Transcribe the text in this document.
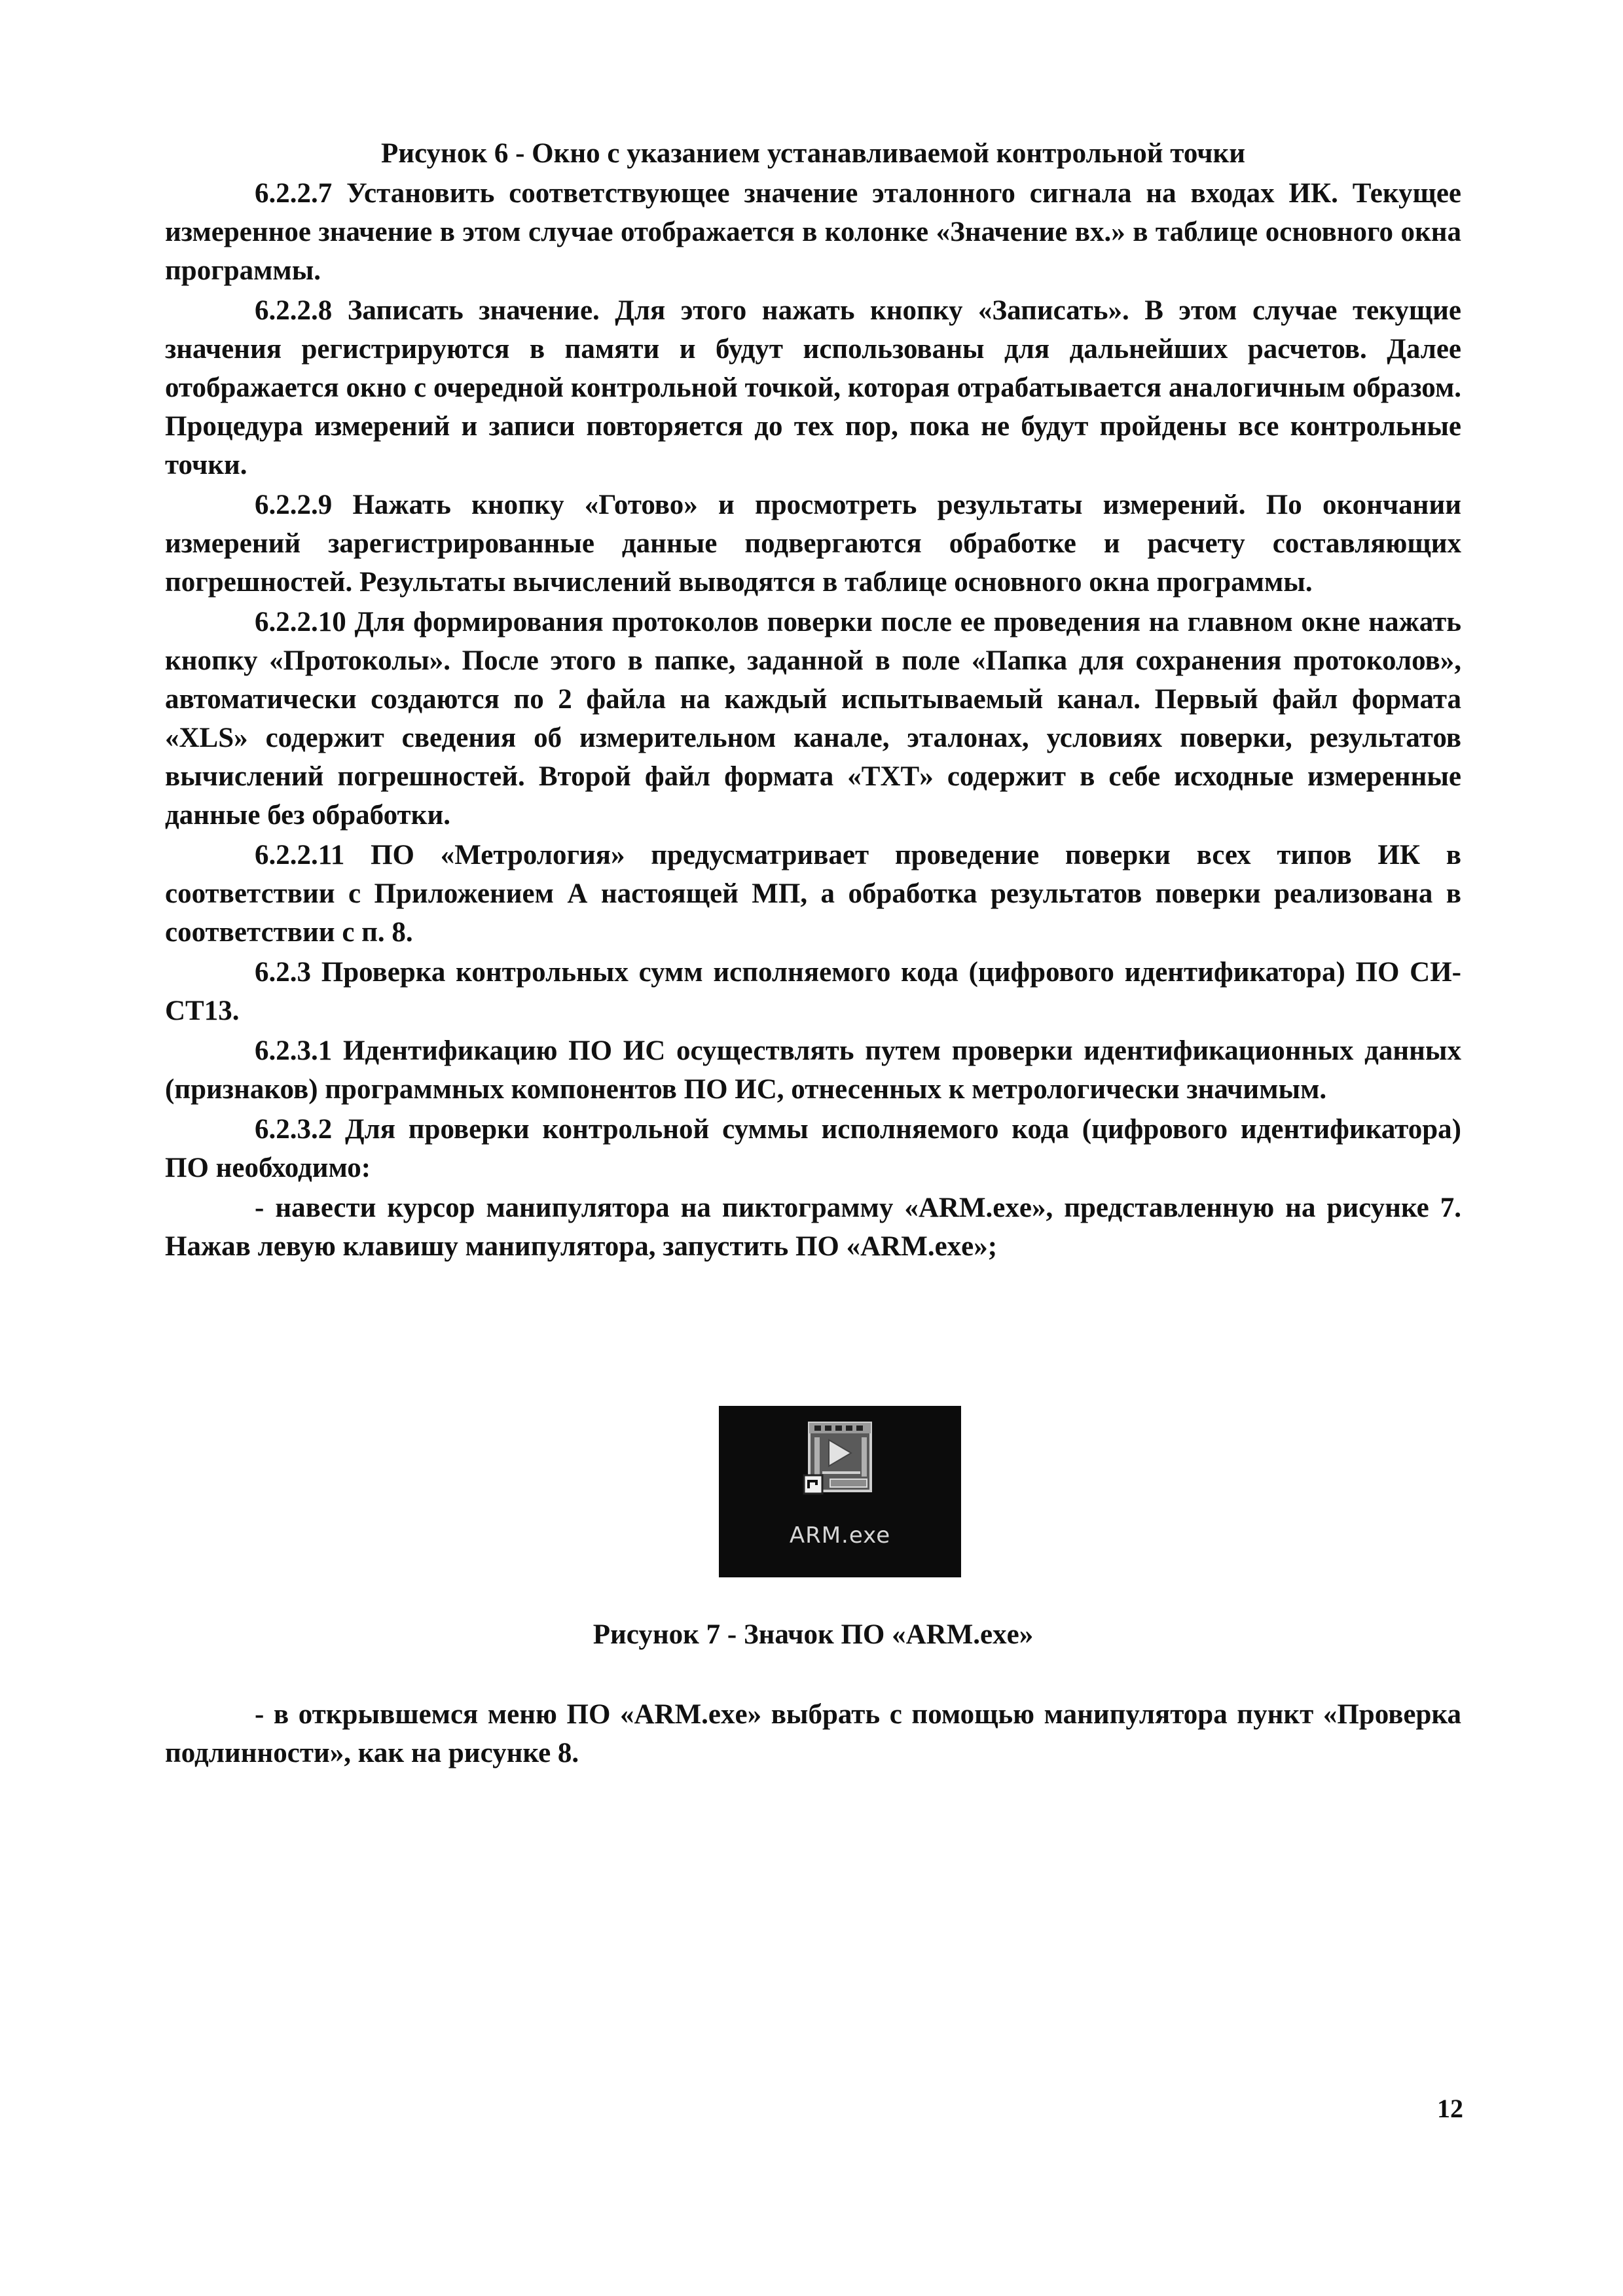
Рисунок 6 - Окно с указанием устанавливаемой контрольной точки

6.2.2.7 Установить соответствующее значение эталонного сигнала на входах ИК. Текущее измеренное значение в этом случае отображается в колонке «Значение вх.» в таблице основного окна программы.

6.2.2.8 Записать значение. Для этого нажать кнопку «Записать». В этом случае текущие значения регистрируются в памяти и будут использованы для дальнейших расчетов. Далее отображается окно с очередной контрольной точкой, которая отрабатывается аналогичным образом. Процедура измерений и записи повторяется до тех пор, пока не будут пройдены все контрольные точки.

6.2.2.9 Нажать кнопку «Готово» и просмотреть результаты измерений. По окончании измерений зарегистрированные данные подвергаются обработке и расчету составляющих погрешностей. Результаты вычислений выводятся в таблице основного окна программы.

6.2.2.10 Для формирования протоколов поверки после ее проведения на главном окне нажать кнопку «Протоколы». После этого в папке, заданной в поле «Папка для сохранения протоколов», автоматически создаются по 2 файла на каждый испытываемый канал. Первый файл формата «XLS» содержит сведения об измерительном канале, эталонах, условиях поверки, результатов вычислений погрешностей. Второй файл формата «TXT» содержит в себе исходные измеренные данные без обработки.

6.2.2.11 ПО «Метрология» предусматривает проведение поверки всех типов ИК в соответствии с Приложением А настоящей МП, а обработка результатов поверки реализована в соответствии с п. 8.

6.2.3 Проверка контрольных сумм исполняемого кода (цифрового идентификатора) ПО СИ-СТ13.

6.2.3.1 Идентификацию ПО ИС осуществлять путем проверки идентификационных данных (признаков) программных компонентов ПО ИС, отнесенных к метрологически значимым.

6.2.3.2 Для проверки контрольной суммы исполняемого кода (цифрового идентификатора) ПО необходимо:

- навести курсор манипулятора на пиктограмму «ARM.exe», представленную на рисунке 7. Нажав левую клавишу манипулятора, запустить ПО «ARM.exe»;

ARM.exe
Рисунок 7 - Значок ПО «ARM.exe»

- в открывшемся меню ПО «ARM.exe» выбрать с помощью манипулятора пункт «Проверка подлинности», как на рисунке 8.

12
